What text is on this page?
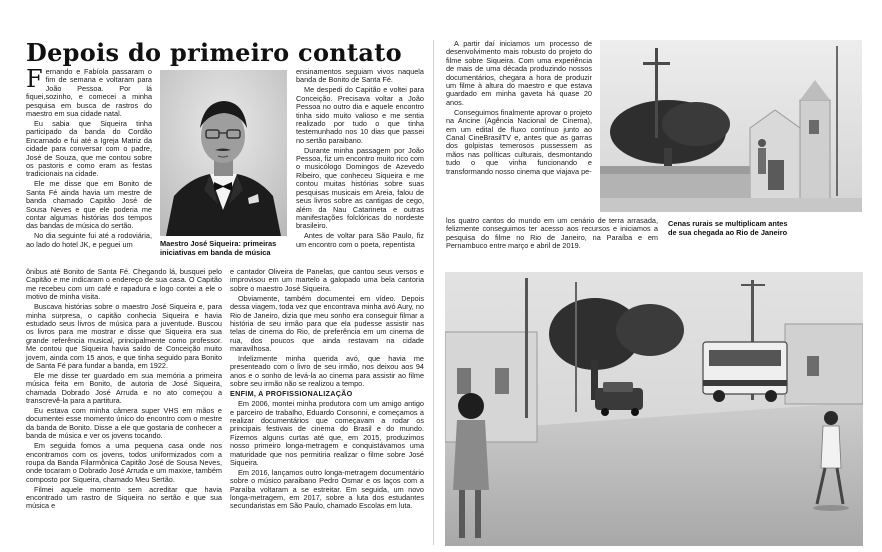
Depois do primeiro contato

Fernando e Fabíola passaram o fim de semana e voltaram para João Pessoa. Por lá fiquei,sozinho, e comecei a minha pesquisa em busca de rastros do maestro em sua cidade natal.

Eu sabia que Siqueira tinha participado da banda do Cordão Encarnado e fui até a Igreja Matriz da cidade para conversar com o padre, José de Souza, que me contou sobre os pastoris e como eram as festas tradicionais na cidade.

Ele me disse que em Bonito de Santa Fé ainda havia um mestre de banda chamado Capitão José de Sousa Neves e que ele poderia me contar algumas histórias dos tempos das bandas de música do sertão.

No dia seguinte fui até a rodoviária, ao lado do hotel JK, e peguei um	Maestro José Siqueira: primeiras iniciativas em banda de música

ensinamentos seguiam vivos naquela banda de Bonito de Santa Fé.

Me despedi do Capitão e voltei para Conceição. Precisava voltar a João Pessoa no outro dia e aquele encontro tinha sido muito valioso e me sentia realizado por tudo o que tinha testemunhado nos 10 dias que passei no sertão paraibano.

Durante minha passagem por João Pessoa, fiz um encontro muito rico com o musicólogo Domingos de Azevedo Ribeiro, que conheceu Siqueira e me contou muitas histórias sobre suas pesquisas musicais em Areia, falou de seus livros sobre as cantigas de cego, além da Nau Catarineta e outras manifestações folclóricas do nordeste brasileiro.

Antes de voltar para São Paulo, fiz um encontro com o poeta, repentista

ônibus até Bonito de Santa Fé. Chegando lá, busquei pelo Capitão e me indicaram o endereço de sua casa. O Capitão me recebeu com um café e rapadura e logo contei a ele o motivo de minha visita.

Buscava histórias sobre o maestro José Siqueira e, para minha surpresa, o capitão conhecia Siqueira e havia estudado seus livros de música para a juventude. Buscou os livros para me mostrar e disse que Siqueira era sua grande referência musical, principalmente como professor. Me contou que Siqueira havia saído de Conceição muito jovem, ainda com 15 anos, e que tinha seguido para Bonito de Santa Fé para fundar a banda, em 1922.

Ele me disse ter guardado em sua memória a primeira música feita em Bonito, de autoria de José Siqueira, chamada Dobrado José Arruda e no ato começou a transcrevê-la para a partitura.

Eu estava com minha câmera super VHS em mãos e documentei esse momento único do encontro com o mestre da banda de Bonito. Disse a ele que gostaria de conhecer a banda de música e ver os jovens tocando.

Em seguida fomos a uma pequena casa onde nos encontramos com os jovens, todos uniformizados com a roupa da Banda Filarmônica Capitão José de Sousa Neves, onde tocaram o Dobrado José Arruda e um maxixe, também composto por Siqueira, chamado Meu Sertão.

Filmei aquele momento sem acreditar que havia encontrado um rastro de Siqueira no sertão e que sua música e

e cantador Oliveira de Panelas, que cantou seus versos e improvisou em um martelo a galopado uma bela cantoria sobre o maestro José Siqueira.

Obviamente, também documentei em vídeo. Depois dessa viagem, toda vez que encontrava minha avó Aury, no Rio de Janeiro, dizia que meu sonho era conseguir filmar a história de seu irmão para que ela pudesse assistir nas telas de cinema do Rio, de preferência em um cinema de rua, dos poucos que ainda restavam na cidade maravilhosa.

Infelizmente minha querida avó, que havia me presenteado com o livro de seu irmão, nos deixou aos 94 anos e o sonho de levá-la ao cinema para assistir ao filme sobre seu irmão não se realizou a tempo.

ENFIM, A PROFISSIONALIZAÇÃO

Em 2006, montei minha produtora com um amigo antigo e parceiro de trabalho, Eduardo Consonni, e começamos a realizar documentários que começavam a rodar os principais festivais de cinema do Brasil e do mundo. Fizemos alguns curtas até que, em 2015, produzimos nosso primeiro longa-metragem e conquistávamos uma maturidade que nos permitiria realizar o filme sobre José Siqueira.

Em 2016, lançamos outro longa-metragem documentário sobre o músico paraibano Pedro Osmar e os laços com a Paraíba voltaram a se estreitar. Em seguida, um novo longa-metragem, em 2017, sobre a luta dos estudantes secundaristas em São Paulo, chamado Escolas em luta.

A partir daí iniciamos um processo de desenvolvimento mais robusto do projeto do filme sobre Siqueira. Com uma experiência de mais de uma década produzindo nossos documentários, chegara a hora de produzir um filme à altura do maestro e que estava guardado em minha gaveta há quase 20 anos.

Conseguimos finalmente aprovar o projeto na Ancine (Agência Nacional de Cinema), em um edital de fluxo contínuo junto ao Canal CineBrasilTV e, antes que as garras dos golpistas temerosos pussessem as mãos nas políticas culturais, desmontando tudo o que vinha funcionando e transformando nosso cinema que viajava pe-

los quatro cantos do mundo em um cenário de terra arrasada, felizmente conseguimos ter acesso aos recursos e iniciamos a pesquisa do filme no Rio de Janeiro, na Paraíba e em Pernambuco entre março e abril de 2019.

Cenas rurais se multiplicam antes de sua chegada ao Rio de Janeiro
